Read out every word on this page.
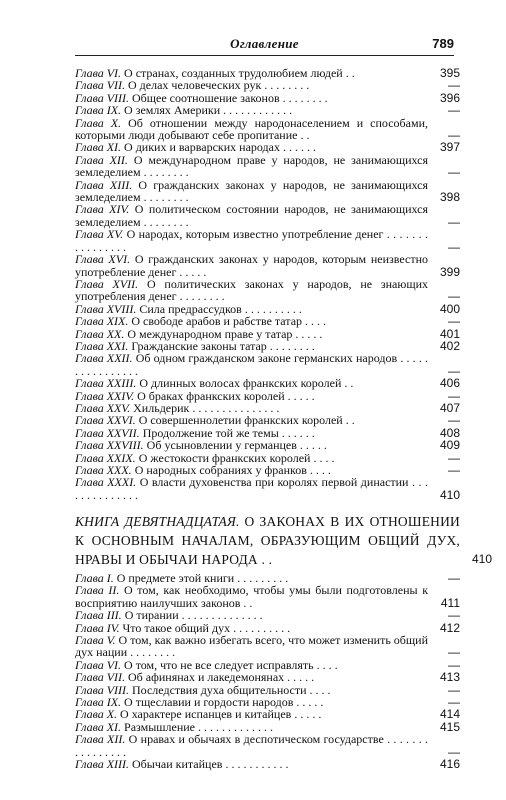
Оглавление	789
Глава VI. О странах, созданных трудолюбием людей . .	395
Глава VII. О делах человеческих рук . . . . . . . .	—
Глава VIII. Общее соотношение законов . . . . . . . .	396
Глава IX. О землях Америки . . . . . . . . . . . .	—
Глава X. Об отношении между народонаселением и способами, которыми люди добывают себе пропитание . .	—
Глава XI. О диких и варварских народах . . . . . .	397
Глава XII. О международном праве у народов, не занимающихся земледелием . . . . . . . .	—
Глава XIII. О гражданских законах у народов, не занимающихся земледелием . . . . . . . .	398
Глава XIV. О политическом состоянии народов, не занимающихся земледелием . . . . . . . .	—
Глава XV. О народах, которым известно употребление денег . . . . . . . . . . . . . . . .	—
Глава XVI. О гражданских законах у народов, которым неизвестно употребление денег . . . . .	399
Глава XVII. О политических законах у народов, не знающих употребления денег . . . . . . . .	—
Глава XVIII. Сила предрассудков . . . . . . . . . .	400
Глава XIX. О свободе арабов и рабстве татар . . . .	—
Глава XX. О международном праве у татар . . . . .	401
Глава XXI. Гражданские законы татар . . . . . . . .	402
Глава XXII. Об одном гражданском законе германских народов . . . . . . . . . . . . . . . .	—
Глава XXIII. О длинных волосах франкских королей . .	406
Глава XXIV. О браках франкских королей . . . . .	—
Глава XXV. Хильдерик . . . . . . . . . . . . . . .	407
Глава XXVI. О совершеннолетии франкских королей . .	—
Глава XXVII. Продолжение той же темы . . . . . .	408
Глава XXVIII. Об усыновлении у германцев . . . . .	409
Глава XXIX. О жестокости франкских королей . . . .	—
Глава XXX. О народных собраниях у франков . . . .	—
Глава XXXI. О власти духовенства при королях первой династии . . . . . . . . . . . . . .	410
КНИГА ДЕВЯТНАДЦАТАЯ. О ЗАКОНАХ В ИХ ОТНОШЕНИИ К ОСНОВНЫМ НАЧАЛАМ, ОБРАЗУЮЩИМ ОБЩИЙ ДУХ, НРАВЫ И ОБЫЧАИ НАРОДА . .	410
Глава I. О предмете этой книги . . . . . . . . .	—
Глава II. О том, как необходимо, чтобы умы были подготовлены к восприятию наилучших законов . .	411
Глава III. О тирании . . . . . . . . . . . . . .	—
Глава IV. Что такое общий дух . . . . . . . . . .	412
Глава V. О том, как важно избегать всего, что может изменить общий дух нации . . . . . . . .	—
Глава VI. О том, что не все следует исправлять . . . .	—
Глава VII. Об афинянах и лакедемонянах . . . . .	413
Глава VIII. Последствия духа общительности . . . .	—
Глава IX. О тщеславии и гордости народов . . . . .	—
Глава X. О характере испанцев и китайцев . . . . .	414
Глава XI. Размышление . . . . . . . . . . . . .	415
Глава XII. О нравах и обычаях в деспотическом государстве . . . . . . . . . . . . . . . .	—
Глава XIII. Обычаи китайцев . . . . . . . . . . .	416
